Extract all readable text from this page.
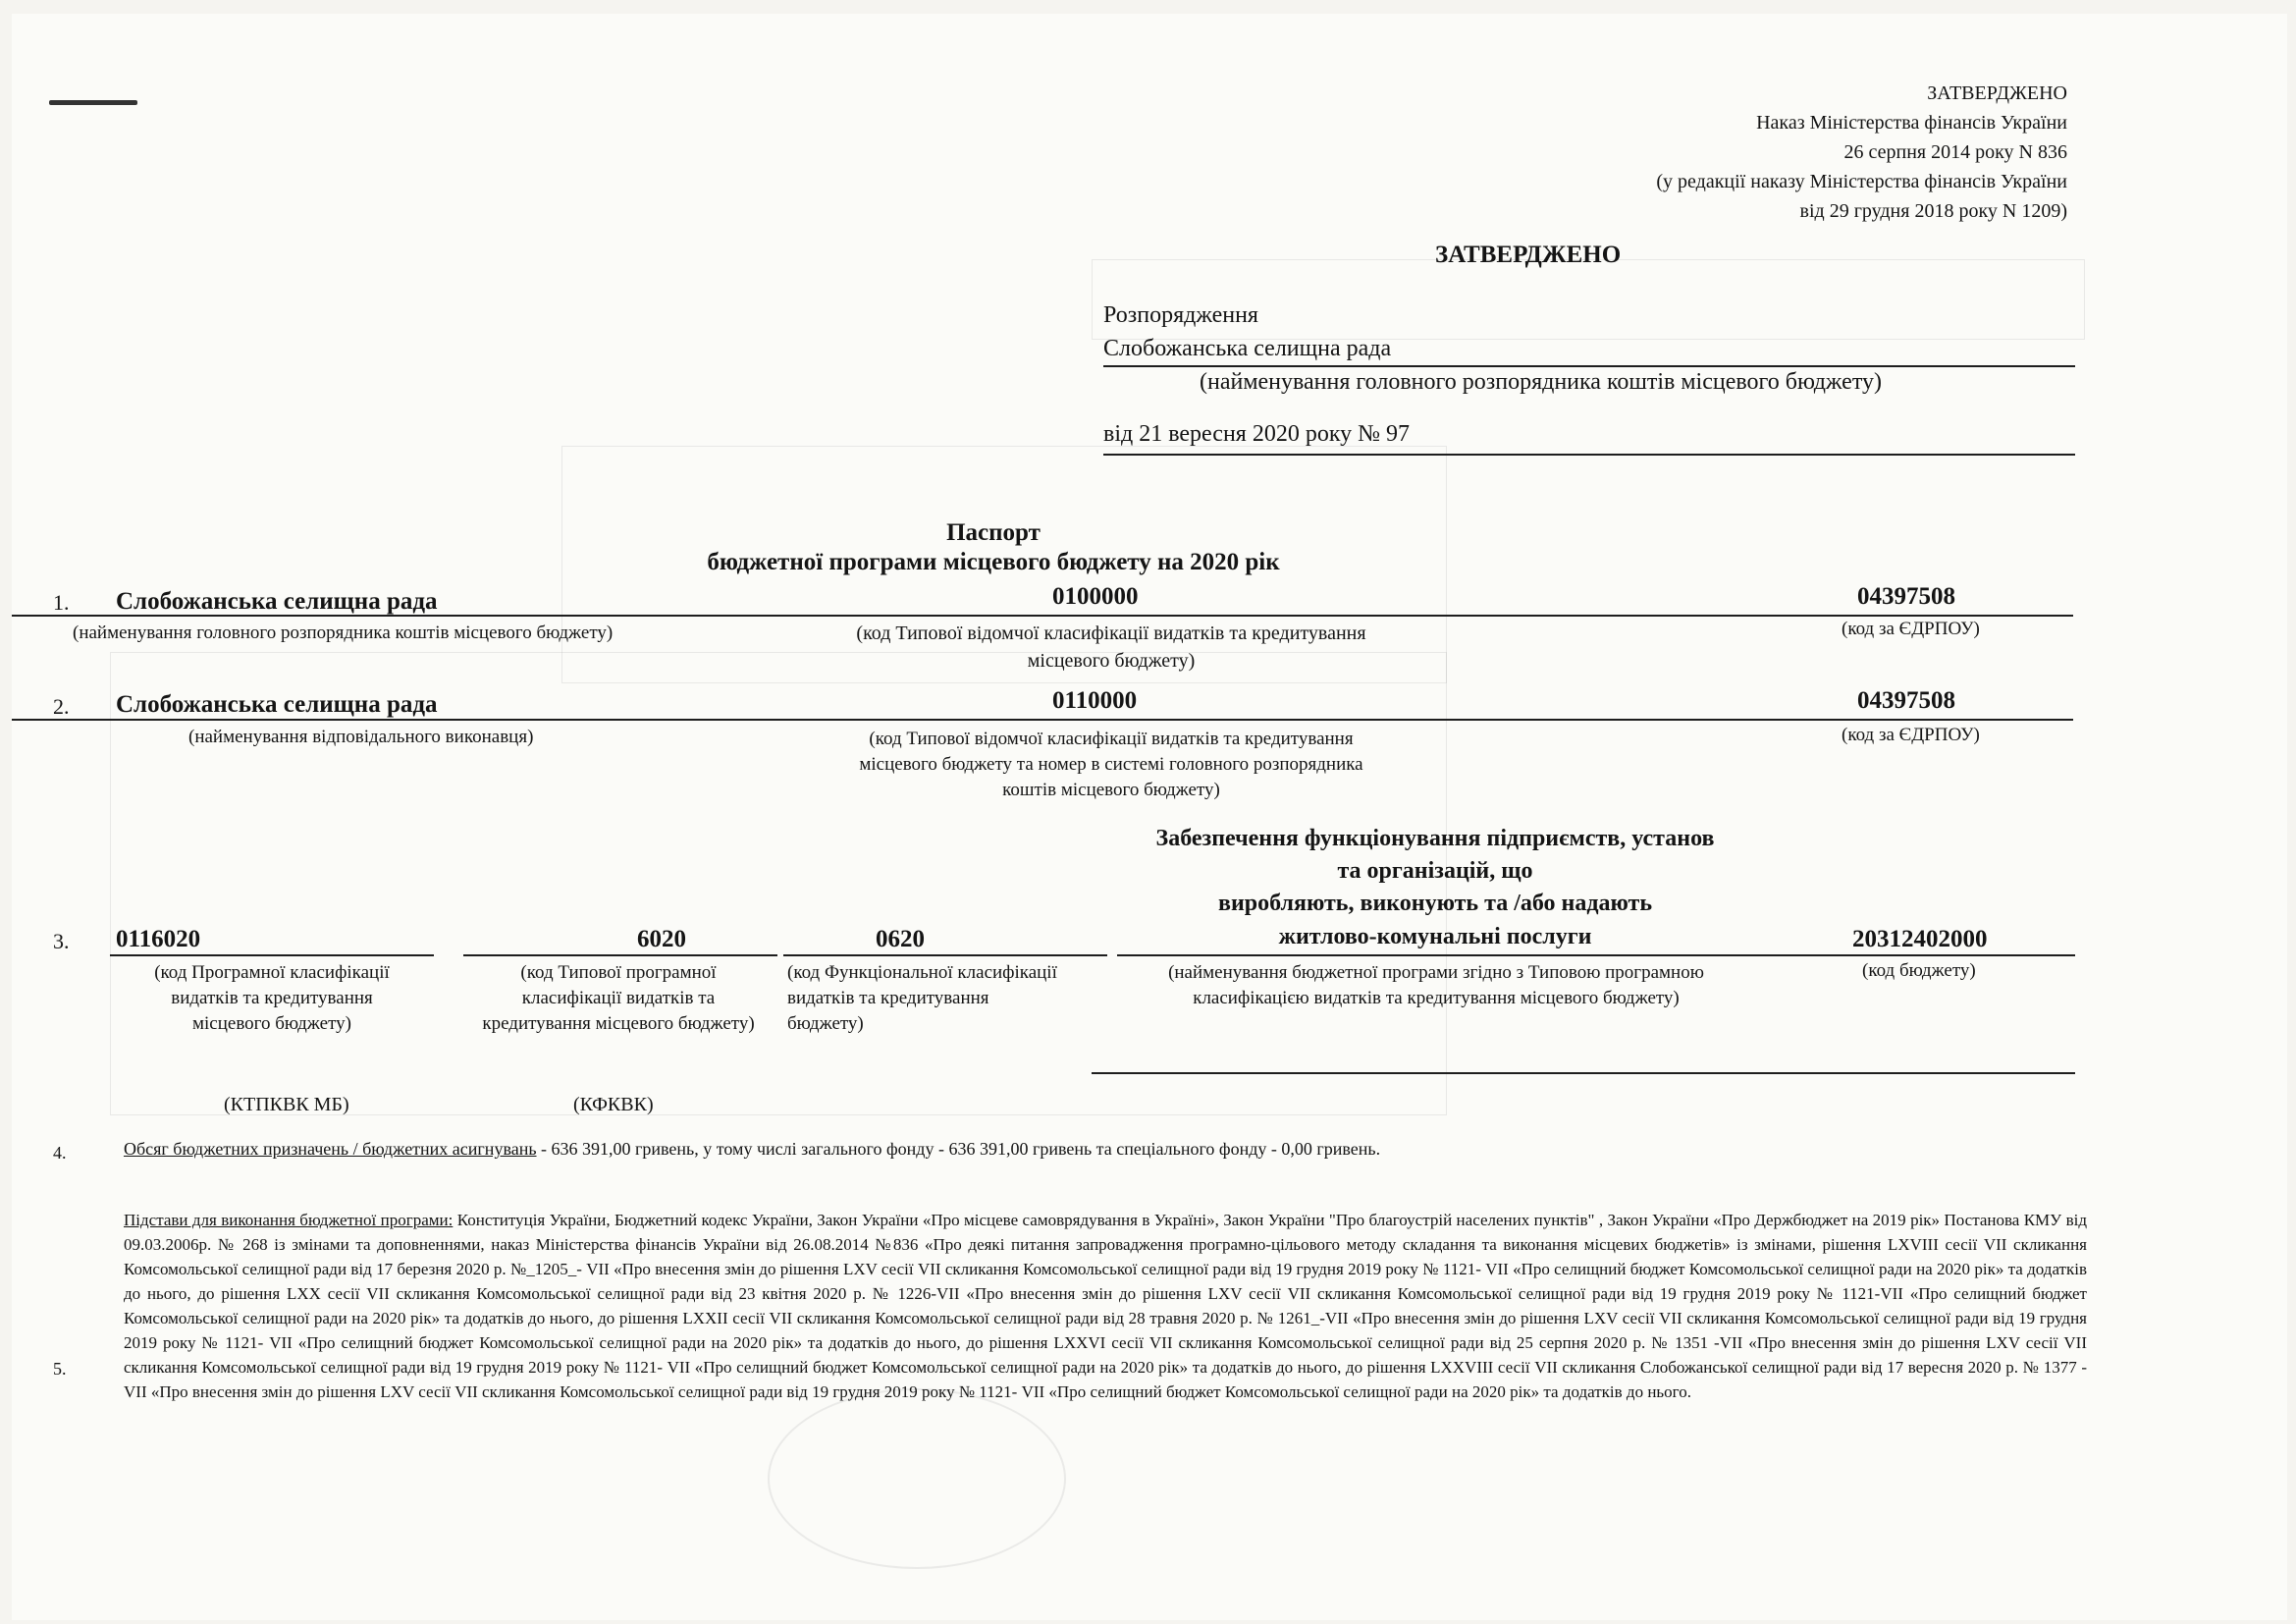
ЗАТВЕРДЖЕНО
Наказ Міністерства фінансів України
26 серпня 2014 року N 836
(у редакції наказу Міністерства фінансів України
від 29 грудня 2018 року N 1209)
ЗАТВЕРДЖЕНО
Розпорядження
Слобожанська селищна рада
(найменування головного розпорядника коштів місцевого бюджету)
від 21 вересня 2020 року № 97
Паспорт
бюджетної програми місцевого бюджету на 2020 рік
1. Слобожанська селищна рада	0100000	04397508
(найменування головного розпорядника коштів місцевого бюджету)	(код Типової відомчої класифікації видатків та кредитування
місцевого бюджету)
(код за ЄДРПОУ)
2. Слобожанська селищна рада	0110000	04397508
(найменування відповідального виконавця)	(код Типової відомчої класифікації видатків та кредитування
місцевого бюджету та номер в системі головного розпорядника
коштів місцевого бюджету)
(код за ЄДРПОУ)
Забезпечення функціонування підприємств, установ
та організацій, що
виробляють, виконують та /або надають
житлово-комунальні послуги
3. 0116020	6020	0620	20312402000
(код Програмної класифікації
видатків та кредитування
місцевого бюджету)
(код Типової програмної
класифікації видатків та
кредитування місцевого бюджету)
(код Функціональної класифікації
видатків та кредитування
бюджету)
(найменування бюджетної програми згідно з Типовою програмною
класифікацією видатків та кредитування місцевого бюджету)
(код бюджету)
(КТПКВК МБ)	(КФКВК)
4.	Обсяг бюджетних призначень / бюджетних асигнувань - 636 391,00 гривень, у тому числі загального фонду - 636 391,00 гривень та спеціального фонду - 0,00 гривень.
5.
Підстави для виконання бюджетної програми: Конституція України, Бюджетний кодекс України, Закон України «Про місцеве самоврядування в Україні», Закон України "Про благоустрій населених пунктів" , Закон України «Про Держбюджет на 2019 рік» Постанова КМУ від 09.03.2006р. № 268 із змінами та доповненнями, наказ Міністерства фінансів України від 26.08.2014 №836 «Про деякі питання запровадження програмно-цільового методу складання та виконання місцевих бюджетів» із змінами, рішення LXVIII сесії VII скликання Комсомольської селищної ради від 17 березня 2020 р. №_1205_- VII «Про внесення змін до рішення LXV сесії VII скликання Комсомольської селищної ради від 19 грудня 2019 року № 1121- VII «Про селищний бюджет Комсомольської селищної ради на 2020 рік» та додатків до нього, до рішення LXX сесії VII скликання Комсомольської селищної ради від 23 квітня 2020 р. № 1226-VII «Про внесення змін до рішення LXV сесії VII скликання Комсомольської селищної ради від 19 грудня 2019 року № 1121-VII «Про селищний бюджет Комсомольської селищної ради на 2020 рік» та додатків до нього, до рішення LXXII сесії VII скликання Комсомольської селищної ради від 28 травня 2020 р. № 1261_-VII «Про внесення змін до рішення LXV сесії VII скликання Комсомольської селищної ради від 19 грудня 2019 року № 1121- VII «Про селищний бюджет Комсомольської селищної ради на 2020 рік» та додатків до нього, до рішення LXXVI сесії VII скликання Комсомольської селищної ради від 25 серпня 2020 р. № 1351 -VII «Про внесення змін до рішення LXV сесії VII скликання Комсомольської селищної ради від 19 грудня 2019 року № 1121- VII «Про селищний бюджет Комсомольської селищної ради на 2020 рік» та додатків до нього, до рішення LXXVIII сесії VII скликання Слобожанської селищної ради від 17 вересня 2020 р. № 1377 -VII «Про внесення змін до рішення LXV сесії VII скликання Комсомольської селищної ради від 19 грудня 2019 року № 1121- VII «Про селищний бюджет Комсомольської селищної ради на 2020 рік» та додатків до нього.
